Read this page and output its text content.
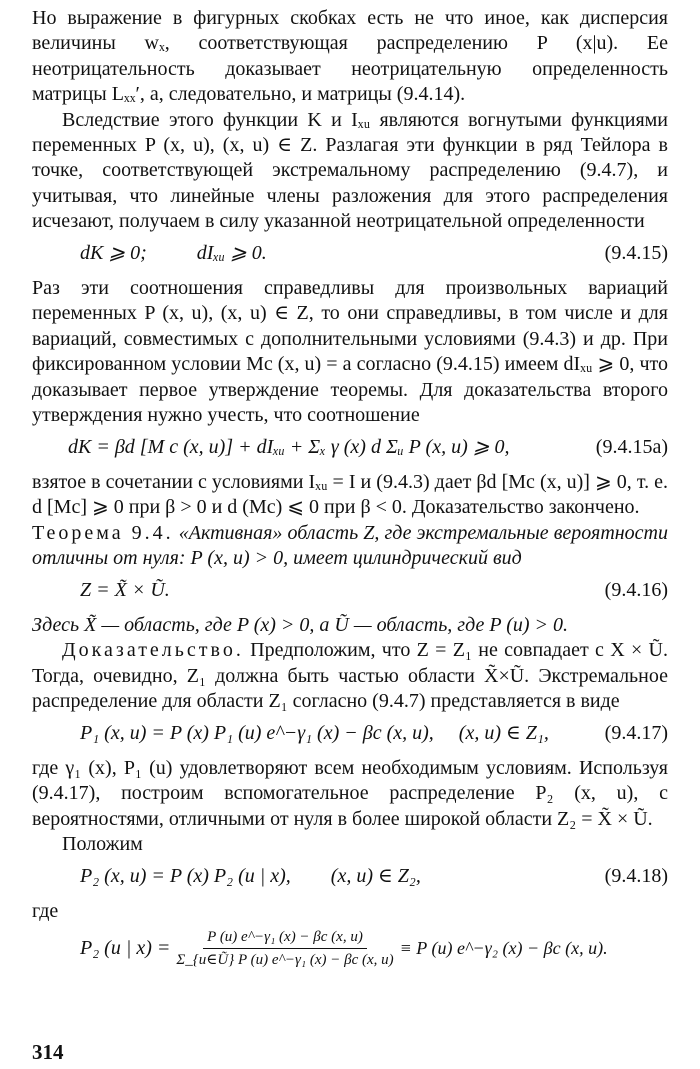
Но выражение в фигурных скобках есть не что иное, как дисперсия величины wₓ, соответствующая распределению P (x|u). Ее неотрицательность доказывает неотрицательную определенность матрицы Lₓₓ′, а, следовательно, и матрицы (9.4.14).

Вследствие этого функции K и Iₓᵤ являются вогнутыми функциями переменных P (x, u), (x, u) ∈ Z. Разлагая эти функции в ряд Тейлора в точке, соответствующей экстремальному распределению (9.4.7), и учитывая, что линейные члены разложения для этого распределения исчезают, получаем в силу указанной неотрицательной определенности

dK ⩾ 0;          dIₓᵤ ⩾ 0.	(9.4.15)

Раз эти соотношения справедливы для произвольных вариаций переменных P (x, u), (x, u) ∈ Z, то они справедливы, в том числе и для вариаций, совместимых с дополнительными условиями (9.4.3) и др. При фиксированном условии Mc (x, u) = a согласно (9.4.15) имеем dIₓᵤ ⩾ 0, что доказывает первое утверждение теоремы. Для доказательства второго утверждения нужно учесть, что соотношение

dK = βd [M c (x, u)] + dIₓᵤ + Σₓ γ (x) d Σᵤ P (x, u) ⩾ 0,	(9.4.15a)

взятое в сочетании с условиями Iₓᵤ = I и (9.4.3) дает βd [Mc (x, u)] ⩾ 0, т. е. d [Mc] ⩾ 0 при β > 0 и d (Mc) ⩽ 0 при β < 0. Доказательство закончено.

Теорема 9.4. «Активная» область Z, где экстремальные вероятности отличны от нуля: P (x, u) > 0, имеет цилиндрический вид

Z = X̃ × Ũ.	(9.4.16)

Здесь X̃ — область, где P (x) > 0, а Ũ — область, где P (u) > 0.

Доказательство. Предположим, что Z = Z₁ не совпадает с X × Ũ. Тогда, очевидно, Z₁ должна быть частью области X̃×Ũ. Экстремальное распределение для области Z₁ согласно (9.4.7) представляется в виде

P₁ (x, u) = P (x) P₁ (u) e^−γ₁ (x) − βc (x, u),     (x, u) ∈ Z₁,	(9.4.17)

где γ₁ (x), P₁ (u) удовлетворяют всем необходимым условиям. Используя (9.4.17), построим вспомогательное распределение P₂ (x, u), с вероятностями, отличными от нуля в более широкой области Z₂ = X̃ × Ũ.

Положим

P₂ (x, u) = P (x) P₂ (u | x),        (x, u) ∈ Z₂,	(9.4.18)

где

P₂ (u | $x) = \frac{\text{P (u) e\textasciicircum{}−γ₁ (x) − βc (x, u)}}{\text{Σ\_\{u∈Ũ\} P (u) e\textasciicircum{}−γ₁ (x) − βc (x, u)}} \equiv P$ (u) e^−γ₂ (x) − βc (x, u).
314
